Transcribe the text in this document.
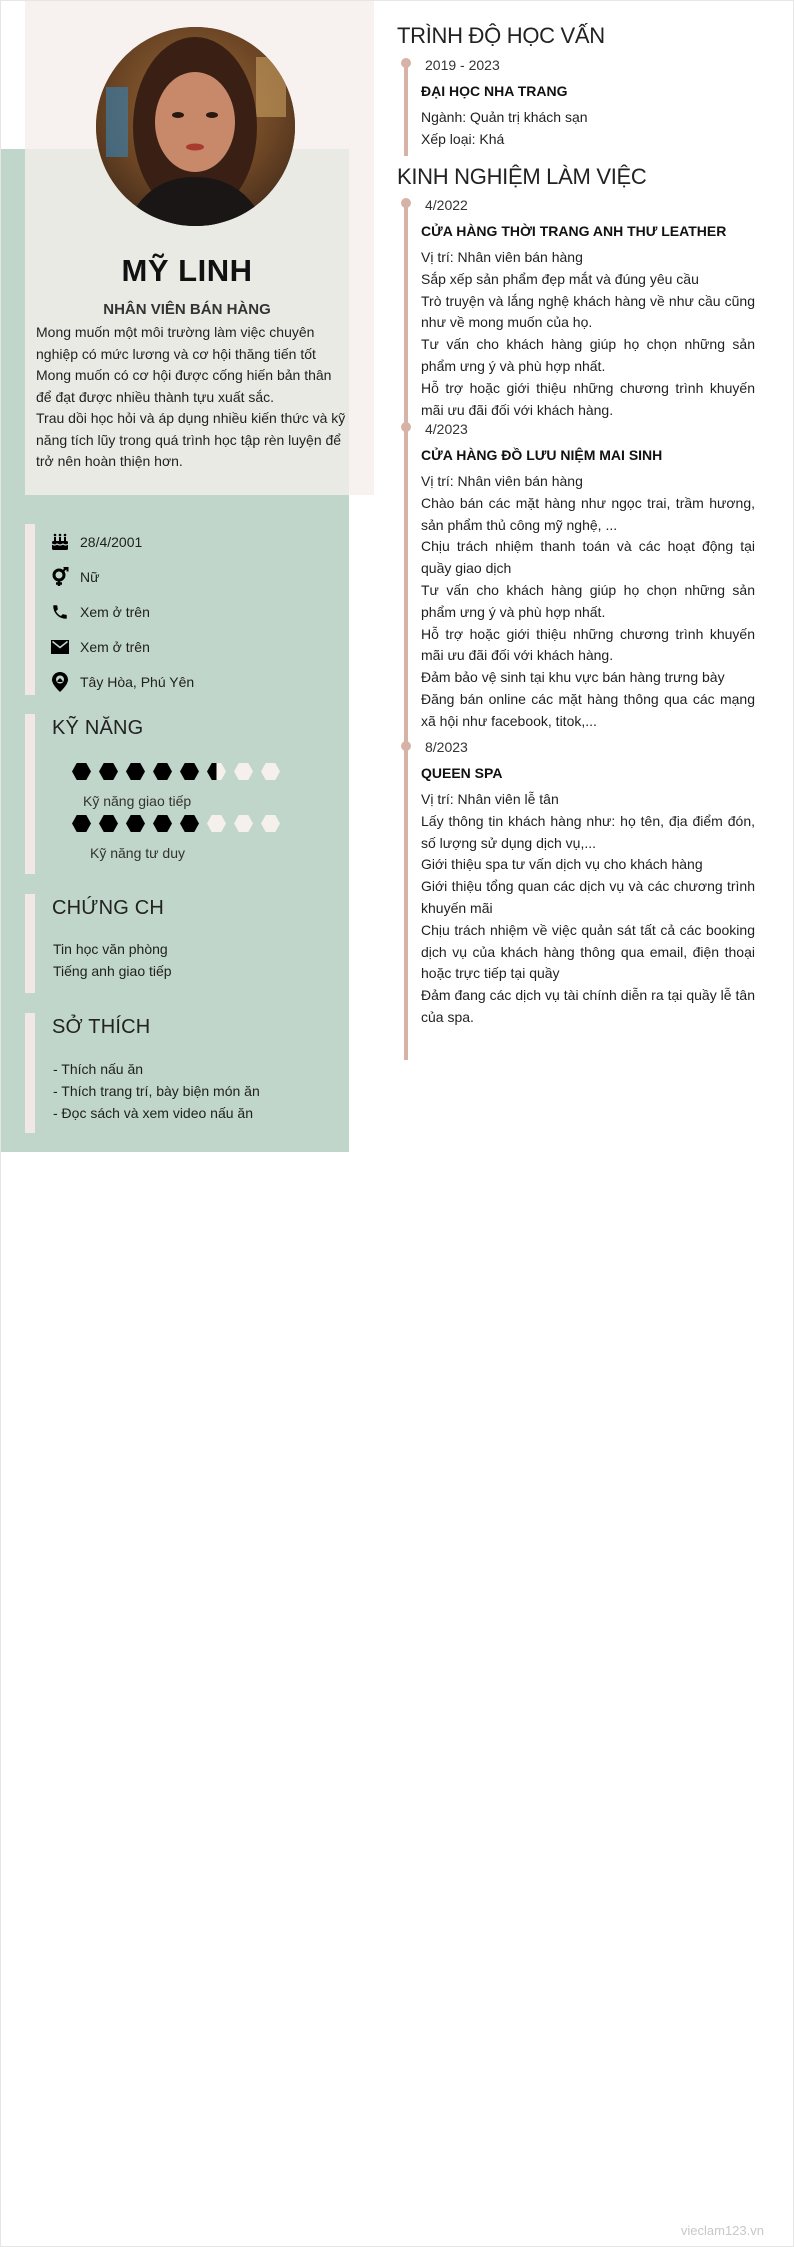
MỸ LINH
NHÂN VIÊN BÁN HÀNG
Mong muốn một môi trường làm việc chuyên
nghiệp có mức lương và cơ hội thăng tiến tốt
Mong muốn có cơ hội được cống hiến bản thân
để đạt được nhiều thành tựu xuất sắc.
Trau dồi học hỏi và áp dụng nhiều kiến thức và kỹ
năng tích lũy trong quá trình học tập rèn luyện để
trở nên hoàn thiện hơn.
28/4/2001
Nữ
Xem ở trên
Xem ở trên
Tây Hòa, Phú Yên
KỸ NĂNG
Kỹ năng giao tiếp
Kỹ năng tư duy
CHỨNG CH
Tin học văn phòng
Tiếng anh giao tiếp
SỞ THÍCH
- Thích nấu ăn
- Thích trang trí, bày biện món ăn
- Đọc sách và xem video nấu ăn
TRÌNH ĐỘ HỌC VẤN
2019 - 2023
ĐẠI HỌC NHA TRANG
Ngành: Quản trị khách sạn
Xếp loại: Khá
KINH NGHIỆM LÀM VIỆC
4/2022
CỬA HÀNG THỜI TRANG ANH THƯ LEATHER
Vị trí: Nhân viên bán hàng
Sắp xếp sản phẩm đẹp mắt và đúng yêu cầu
Trò truyện và lắng nghệ khách hàng về như cầu cũng như về mong muốn của họ.
Tư vấn cho khách hàng giúp họ chọn những sản phẩm ưng ý và phù hợp nhất.
Hỗ trợ hoặc giới thiệu những chương trình khuyến mãi ưu đãi đối với khách hàng.
4/2023
CỬA HÀNG ĐỒ LƯU NIỆM MAI SINH
Vị trí: Nhân viên bán hàng
Chào bán các mặt hàng như ngọc trai, trầm hương, sản phẩm thủ công mỹ nghệ, ...
Chịu trách nhiệm thanh toán và các hoạt động tại quầy giao dịch
Tư vấn cho khách hàng giúp họ chọn những sản phẩm ưng ý và phù hợp nhất.
Hỗ trợ hoặc giới thiệu những chương trình khuyến mãi ưu đãi đối với khách hàng.
Đảm bảo vệ sinh tại khu vực bán hàng trưng bày
Đăng bán online các mặt hàng thông qua các mạng xã hội như facebook, titok,...
8/2023
QUEEN SPA
Vị trí: Nhân viên lễ tân
Lấy thông tin khách hàng như: họ tên, địa điểm đón, số lượng sử dụng dịch vụ,...
Giới thiệu spa tư vấn dịch vụ cho khách hàng
Giới thiệu tổng quan các dịch vụ và các chương trình khuyến mãi
Chịu trách nhiệm về việc quản sát tất cả các booking dịch vụ của khách hàng thông qua email, điện thoại hoặc trực tiếp tại quầy
Đảm đang các dịch vụ tài chính diễn ra tại quầy lễ tân của spa.
vieclam123.vn
